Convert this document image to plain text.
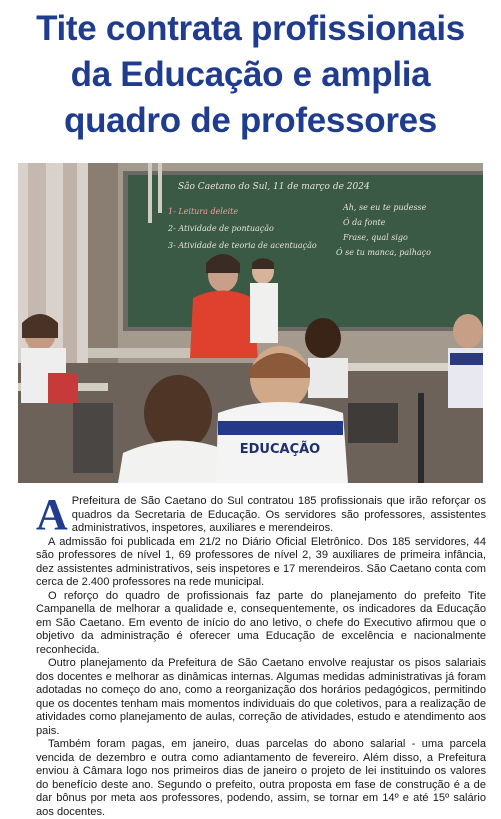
Tite contrata profissionais
da Educação e amplia
quadro de professores
São Caetano do Sul, 11 de março de 2024
1- Leitura deleite
2- Atividade de pontuação
3- Atividade de teoria de acentuação
Ah, se eu te pudesse
Ó da fonte
Frase, qual sigo
Ó se tu manca, palhaço
EDUCAÇÃO

A Prefeitura de São Caetano do Sul contratou 185 profissionais que irão reforçar os quadros da Secretaria de Educação. Os servidores são professores, assistentes administrativos, inspetores, auxiliares e merendeiros.

A admissão foi publicada em 21/2 no Diário Oficial Eletrônico. Dos 185 servidores, 44 são professores de nível 1, 69 professores de nível 2, 39 auxiliares de primeira infância, dez assistentes administrativos, seis inspetores e 17 merendeiros. São Caetano conta com cerca de 2.400 professores na rede municipal.

O reforço do quadro de profissionais faz parte do planejamento do prefeito Tite Campanella de melhorar a qualidade e, consequentemente, os indicadores da Educação em São Caetano. Em evento de início do ano letivo, o chefe do Executivo afirmou que o objetivo da administração é oferecer uma Educação de excelência e nacionalmente reconhecida.

Outro planejamento da Prefeitura de São Caetano envolve reajustar os pisos salariais dos docentes e melhorar as dinâmicas internas. Algumas medidas administrativas já foram adotadas no começo do ano, como a reorganização dos horários pedagógicos, permitindo que os docentes tenham mais momentos individuais do que coletivos, para a realização de atividades como planejamento de aulas, correção de atividades, estudo e atendimento aos pais.

Também foram pagas, em janeiro, duas parcelas do abono salarial - uma parcela vencida de dezembro e outra como adiantamento de fevereiro. Além disso, a Prefeitura enviou à Câmara logo nos primeiros dias de janeiro o projeto de lei instituindo os valores do benefício deste ano. Segundo o prefeito, outra proposta em fase de construção é a de dar bônus por meta aos professores, podendo, assim, se tornar em 14º e até 15º salário aos docentes.
